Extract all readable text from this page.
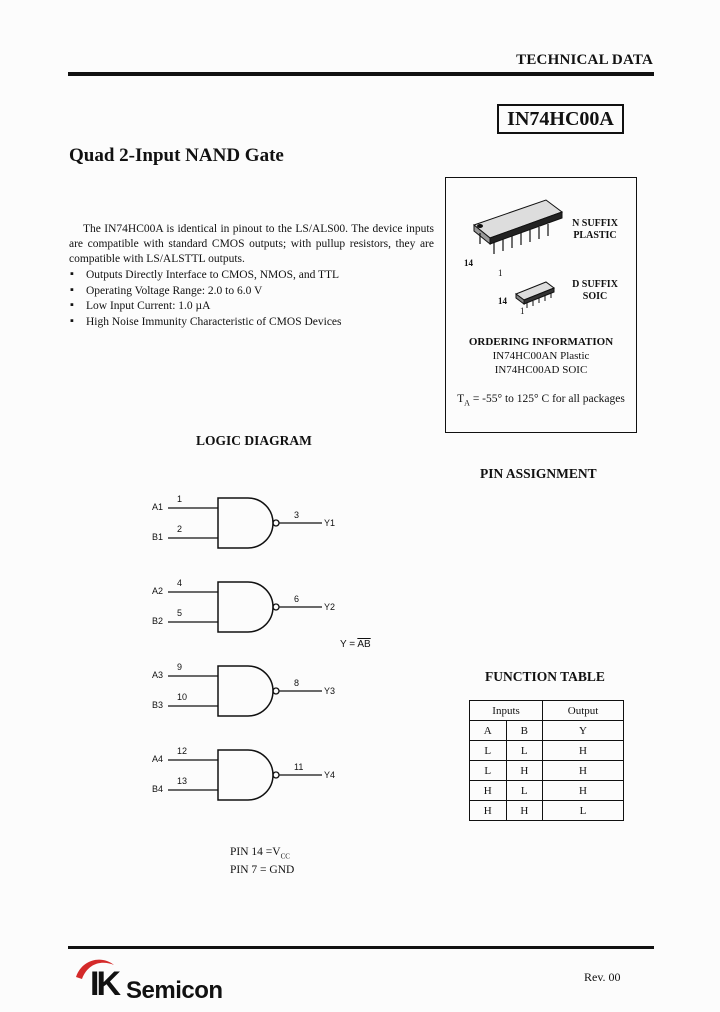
TECHNICAL DATA
IN74HC00A
Quad 2-Input NAND Gate

The IN74HC00A is identical in pinout to the LS/ALS00. The device inputs are compatible with standard CMOS outputs; with pullup resistors, they are compatible with LS/ALSTTL outputs.

▪ Outputs Directly Interface to CMOS, NMOS, and TTL
▪ Operating Voltage Range: 2.0 to 6.0 V
▪ Low Input Current: 1.0 µA
▪ High Noise Immunity Characteristic of CMOS Devices
14
1
N SUFFIX
PLASTIC
14
1
D SUFFIX
SOIC
ORDERING INFORMATION
IN74HC00AN Plastic
IN74HC00AD SOIC
$T_A = -55^\circ$ to 125° C for all packages
LOGIC DIAGRAM
A1
B1
1
2
3
Y1
A2
B2
4
5
6
Y2
A3
B3
9
10
8
Y3
A4
B4
12
13
11
Y4
$Y = \overline{AB}$
PIN $14 =V_{CC}$
PIN 7 = GND
PIN ASSIGNMENT
FUNCTION TABLE
Inputs		Output
A	B	Y
L	L	H
L	H	H
H	L	H
H	H	L
IK Semicon	Rev. 00
